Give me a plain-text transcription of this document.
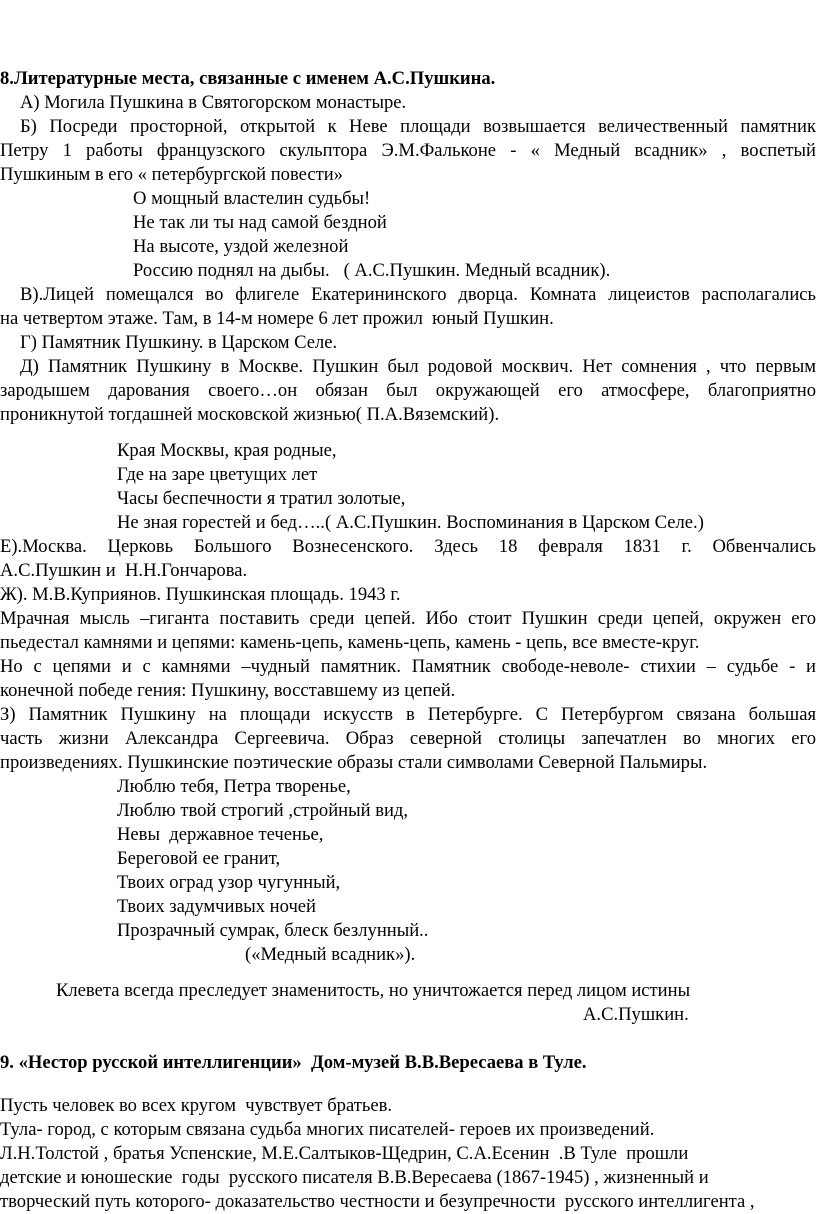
8.Литературные места, связанные с именем А.С.Пушкина.
А) Могила Пушкина в Святогорском монастыре.
Б) Посреди просторной, открытой к Неве площади возвышается величественный памятник
Петру 1 работы французского скульптора Э.М.Фальконе - « Медный всадник» , воспетый
Пушкиным в его « петербургской повести»
О мощный властелин судьбы!
Не так ли ты над самой бездной
На высоте, уздой железной
Россию поднял на дыбы.   ( А.С.Пушкин. Медный всадник).
В).Лицей помещался во флигеле Екатерининского дворца. Комната лицеистов располагались
на четвертом этаже. Там, в 14-м номере 6 лет прожил  юный Пушкин.
Г) Памятник Пушкину. в Царском Селе.
Д) Памятник Пушкину в Москве. Пушкин был родовой москвич. Нет сомнения , что первым
зародышем дарования своего…он обязан был окружающей его атмосфере, благоприятно
проникнутой тогдашней московской жизнью( П.А.Вяземский).
Края Москвы, края родные,
Где на заре цветущих лет
Часы беспечности я тратил золотые,
Не зная горестей и бед…..( А.С.Пушкин. Воспоминания в Царском Селе.)
Е).Москва. Церковь Большого Вознесенского. Здесь 18 февраля 1831 г. Обвенчались
А.С.Пушкин и  Н.Н.Гончарова.
Ж). М.В.Куприянов. Пушкинская площадь. 1943 г.
Мрачная мысль –гиганта поставить среди цепей. Ибо стоит Пушкин среди цепей, окружен его
пьедестал камнями и цепями: камень-цепь, камень-цепь, камень - цепь, все вместе-круг.
Но с цепями и с камнями –чудный памятник. Памятник свободе-неволе- стихии – судьбе - и
конечной победе гения: Пушкину, восставшему из цепей.
З) Памятник Пушкину на площади искусств в Петербурге. С Петербургом связана большая
часть жизни Александра Сергеевича. Образ северной столицы запечатлен во многих его
произведениях. Пушкинские поэтические образы стали символами Северной Пальмиры.
Люблю тебя, Петра творенье,
Люблю твой строгий ,стройный вид,
Невы  державное теченье,
Береговой ее гранит,
Твоих оград узор чугунный,
Твоих задумчивых ночей
Прозрачный сумрак, блеск безлунный..
(«Медный всадник»).
Клевета всегда преследует знаменитость, но уничтожается перед лицом истины
А.С.Пушкин.
9. «Нестор русской интеллигенции»  Дом-музей В.В.Вересаева в Туле.
Пусть человек во всех кругом  чувствует братьев.
Тула- город, с которым связана судьба многих писателей- героев их произведений.
Л.Н.Толстой , братья Успенские, М.Е.Салтыков-Щедрин, С.А.Есенин  .В Туле  прошли
детские и юношеские  годы  русского писателя В.В.Вересаева (1867-1945) , жизненный и
творческий путь которого- доказательство честности и безупречности  русского интеллигента ,
